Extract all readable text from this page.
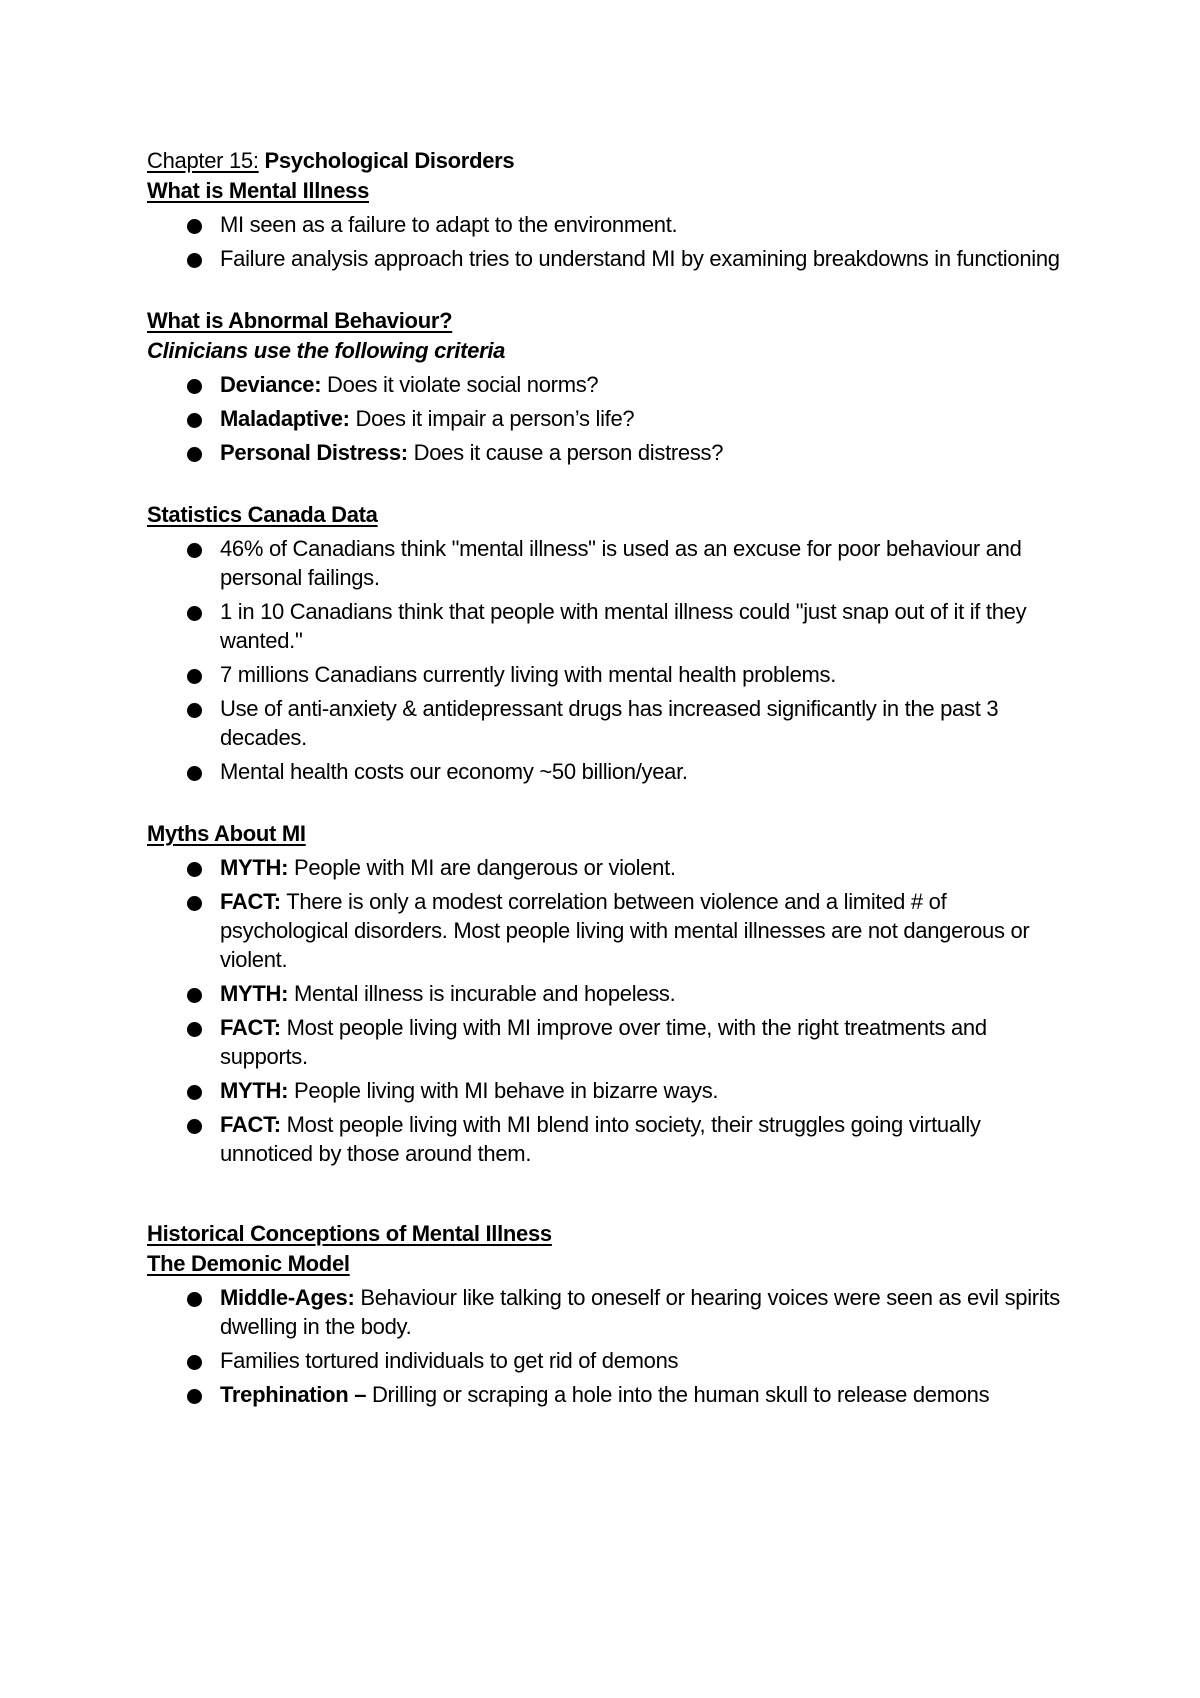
Chapter 15: Psychological Disorders
What is Mental Illness
MI seen as a failure to adapt to the environment.
Failure analysis approach tries to understand MI by examining breakdowns in functioning
What is Abnormal Behaviour?
Clinicians use the following criteria
Deviance: Does it violate social norms?
Maladaptive: Does it impair a person’s life?
Personal Distress: Does it cause a person distress?
Statistics Canada Data
46% of Canadians think "mental illness" is used as an excuse for poor behaviour and personal failings.
1 in 10 Canadians think that people with mental illness could "just snap out of it if they wanted."
7 millions Canadians currently living with mental health problems.
Use of anti-anxiety & antidepressant drugs has increased significantly in the past 3 decades.
Mental health costs our economy ~50 billion/year.
Myths About MI
MYTH: People with MI are dangerous or violent.
FACT: There is only a modest correlation between violence and a limited # of psychological disorders. Most people living with mental illnesses are not dangerous or violent.
MYTH: Mental illness is incurable and hopeless.
FACT: Most people living with MI improve over time, with the right treatments and supports.
MYTH: People living with MI behave in bizarre ways.
FACT: Most people living with MI blend into society, their struggles going virtually unnoticed by those around them.
Historical Conceptions of Mental Illness
The Demonic Model
Middle-Ages: Behaviour like talking to oneself or hearing voices were seen as evil spirits dwelling in the body.
Families tortured individuals to get rid of demons
Trephination – Drilling or scraping a hole into the human skull to release demons
